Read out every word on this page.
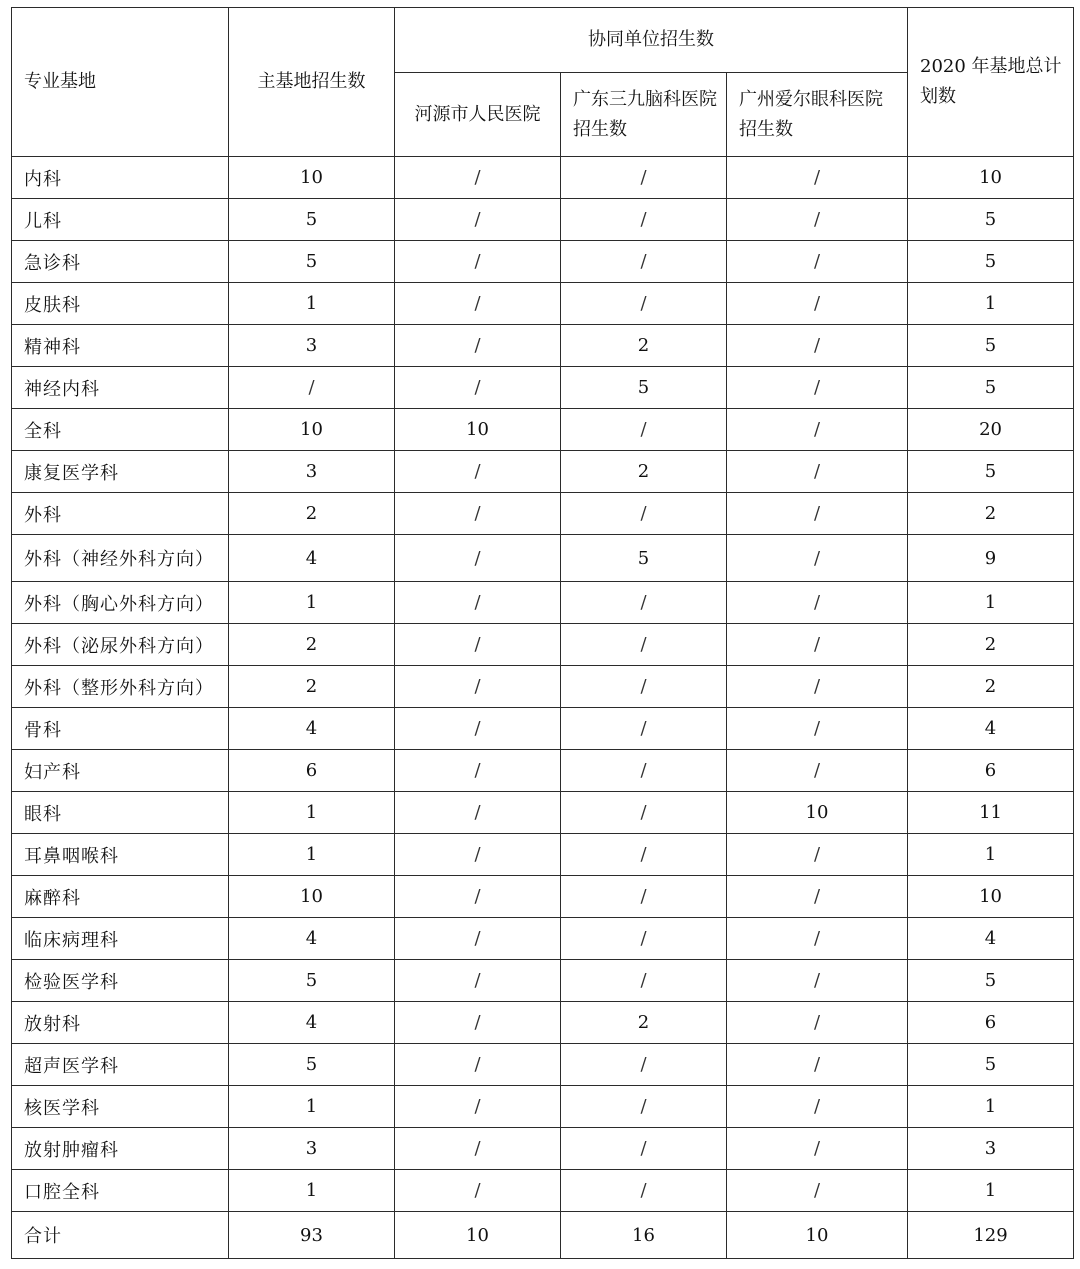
专业基地	主基地招生数	协同单位招生数			2020 年基地总计划数
		河源市人民医院	广东三九脑科医院招生数	广州爱尔眼科医院招生数	
内科	10	/	/	/	10
儿科	5	/	/	/	5
急诊科	5	/	/	/	5
皮肤科	1	/	/	/	1
精神科	3	/	2	/	5
神经内科	/	/	5	/	5
全科	10	10	/	/	20
康复医学科	3	/	2	/	5
外科	2	/	/	/	2
外科（神经外科方向）	4	/	5	/	9
外科（胸心外科方向）	1	/	/	/	1
外科（泌尿外科方向）	2	/	/	/	2
外科（整形外科方向）	2	/	/	/	2
骨科	4	/	/	/	4
妇产科	6	/	/	/	6
眼科	1	/	/	10	11
耳鼻咽喉科	1	/	/	/	1
麻醉科	10	/	/	/	10
临床病理科	4	/	/	/	4
检验医学科	5	/	/	/	5
放射科	4	/	2	/	6
超声医学科	5	/	/	/	5
核医学科	1	/	/	/	1
放射肿瘤科	3	/	/	/	3
口腔全科	1	/	/	/	1
合计	93	10	16	10	129
